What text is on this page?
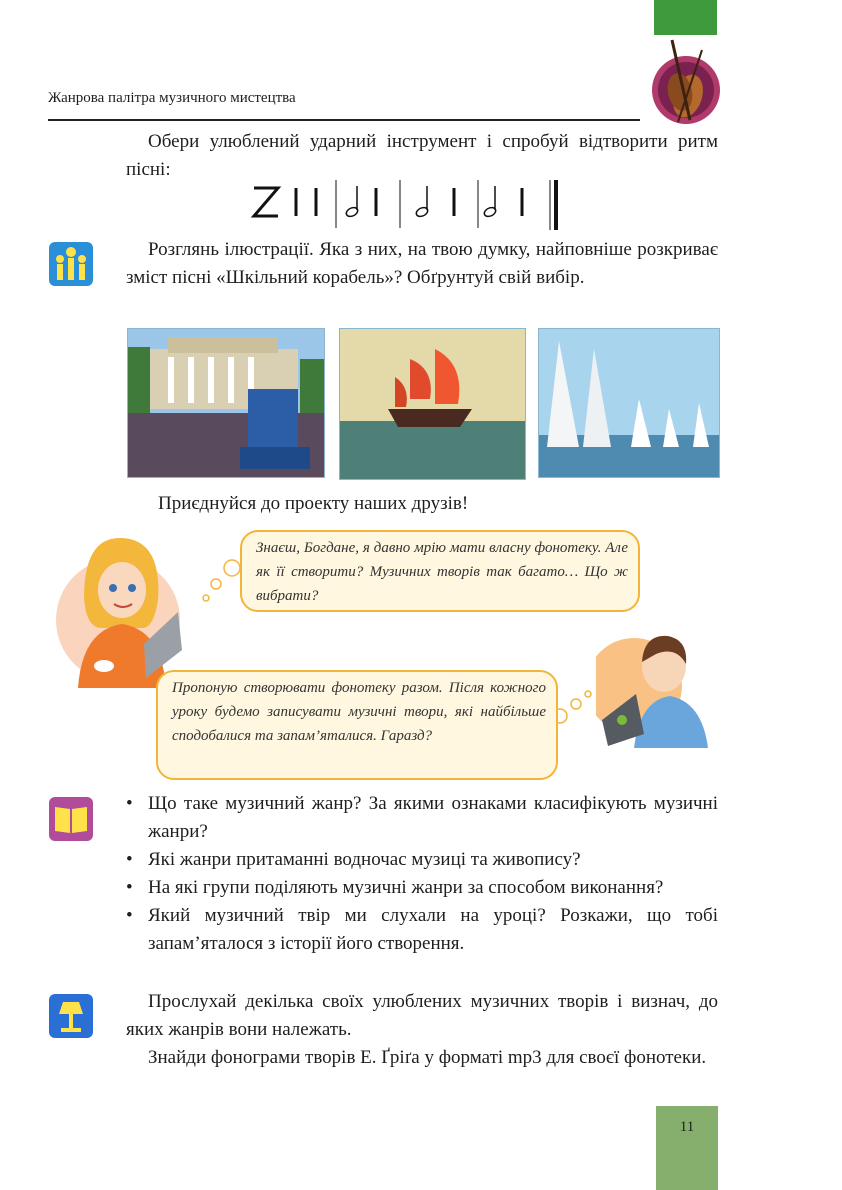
Жанрова палітра музичного мистецтва
Обери улюблений ударний інструмент і спробуй відтворити ритм пісні:
Розглянь ілюстрації. Яка з них, на твою думку, найповніше розкриває зміст пісні «Шкільний корабель»? Обґрунтуй свій вибір.
Приєднуйся до проекту наших друзів!
Знаєш, Богдане, я давно мрію мати власну фонотеку. Але як її створити? Музичних творів так багато… Що ж вибрати?
Пропоную створювати фонотеку разом. Після кожного уроку будемо записувати музичні твори, які найбільше сподобалися та запам’яталися. Гаразд?
• Що таке музичний жанр? За якими ознаками класифікують музичні жанри?
• Які жанри притаманні водночас музиці та живопису?
• На які групи поділяють музичні жанри за способом виконання?
• Який музичний твір ми слухали на уроці? Розкажи, що тобі запам’яталося з історії його створення.
Прослухай декілька своїх улюблених музичних творів і визнач, до яких жанрів вони належать.
Знайди фонограми творів Е. Ґріґа у форматі mp3 для своєї фонотеки.
11
